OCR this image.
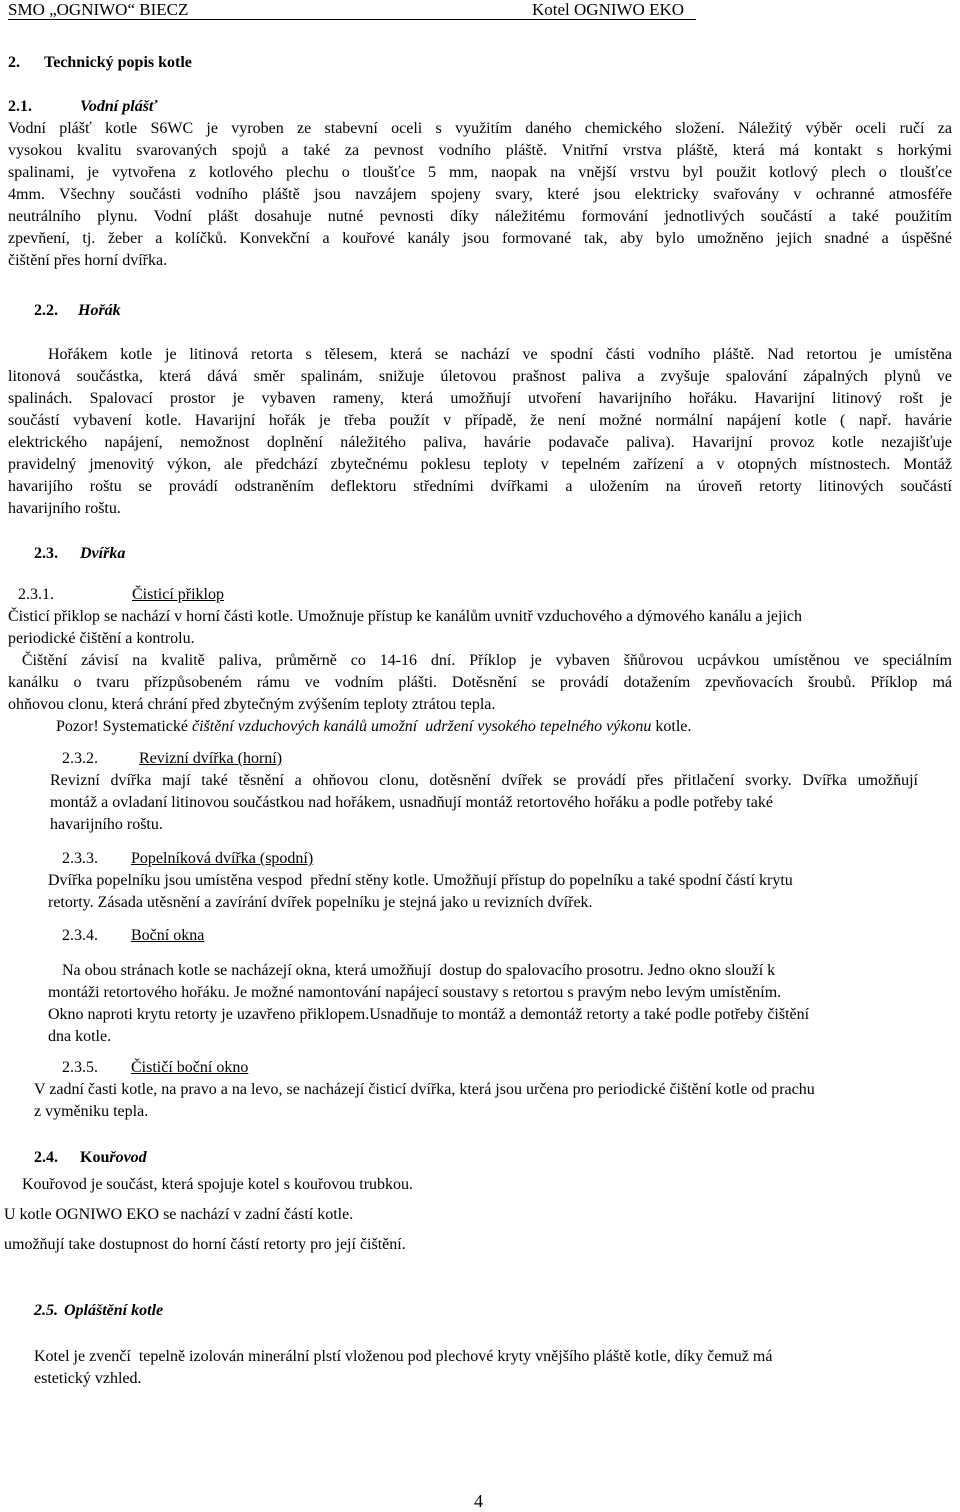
SMO „OGNIWO“ BIECZ	Kotel OGNIWO EKO
2. Technický popis kotle
2.1.	Vodní plášť
Vodní plášť kotle S6WC je vyroben ze stabevní oceli s využitím daného chemického složení. Náležitý výběr oceli ručí za
vysokou kvalitu svarovaných spojů a také za pevnost vodního pláště. Vnitřní vrstva pláště, která má kontakt s horkými
spalinami, je vytvořena z kotlového plechu o tloušťce 5 mm, naopak na vnější vrstvu byl použit kotlový plech o tloušťce
4mm. Všechny součásti vodního pláště jsou navzájem spojeny svary, které jsou elektricky svařovány v ochranné atmosféře
neutrálního plynu. Vodní plášt dosahuje nutné pevnosti díky náležitému formování jednotlivých součástí a také použitím
zpevňení, tj. žeber a kolíčků. Konvekční a kouřové kanály jsou formované tak, aby bylo umožněno jejich snadné a úspěšné
čištění přes horní dvířka.
2.2. Hořák
Hořákem kotle je litinová retorta s tělesem, která se nachází ve spodní části vodního pláště. Nad retortou je umístěna
litonová součástka, která dává směr spalinám, snižuje úletovou prašnost paliva a zvyšuje spalování zápalných plynů ve
spalinách. Spalovací prostor je vybaven rameny, která umožňují utvoření havarijního hořáku. Havarijní litinový rošt je
součástí vybavení kotle. Havarijní hořák je třeba použít v případě, že není možné normální napájení kotle ( např. havárie
elektrického napájení, nemožnost doplnění náležitého paliva, havárie podavače paliva). Havarijní provoz kotle nezajišťuje
pravidelný jmenovitý výkon, ale předchází zbytečnému poklesu teploty v tepelném zařízení a v otopných místnostech. Montáž
havarijího roštu se provádí odstraněním deflektoru středními dvířkami a uložením na úroveň retorty litinových součástí
havarijního roštu.
2.3. Dvířka
2.3.1.	Čisticí přiklop
Čisticí přiklop se nachází v horní části kotle. Umožnuje přístup ke kanálům uvnitř vzduchového a dýmového kanálu a jejich
periodické čištění a kontrolu.
Čištění závisí na kvalitě paliva, průměrně co 14-16 dní. Příklop je vybaven šňůrovou ucpávkou umístěnou ve speciálním
kanálku o tvaru přízpůsobeném rámu ve vodním plášti. Dotěsnění se provádí dotažením zpevňovacích šroubů. Příklop má
ohňovou clonu, která chrání před zbytečným zvýšením teploty ztrátou tepla.
Pozor! Systematické čištění vzduchových kanálů umožní  udržení vysokého tepelného výkonu kotle.
2.3.2.	Revizní dvířka (horní)
Revizní dvířka mají také těsnění a ohňovou clonu, dotěsnění dvířek se provádí přes přitlačení svorky. Dvířka umožňují
montáž a ovladaní litinovou součástkou nad hořákem, usnadňují montáž retortového hořáku a podle potřeby také
havarijního roštu.
2.3.3. Popelníková dvířka (spodní)
Dvířka popelníku jsou umístěna vespod  přední stěny kotle. Umožňují přístup do popelníku a také spodní částí krytu
retorty. Zásada utěsnění a zavírání dvířek popelníku je stejná jako u revizních dvířek.
2.3.4. Boční okna
Na obou stránach kotle se nacházejí okna, která umožňují  dostup do spalovacího prosotru. Jedno okno slouží k
montáži retortového hořáku. Je možné namontování napájecí soustavy s retortou s pravým nebo levým umístěním.
Okno naproti krytu retorty je uzavřeno přiklopem.Usnadňuje to montáž a demontáž retorty a také podle potřeby čištění
dna kotle.
2.3.5. Čističí boční okno
V zadní časti kotle, na pravo a na levo, se nacházejí čisticí dvířka, která jsou určena pro periodické čištění kotle od prachu
z vyměniku tepla.
2.4. Kouřovod
Kouřovod je součást, která spojuje kotel s kouřovou trubkou.
U kotle OGNIWO EKO se nachází v zadní částí kotle.
umožňují take dostupnost do horní částí retorty pro její čištění.
2.5. Opláštění kotle
Kotel je zvenčí  tepelně izolován minerální plstí vloženou pod plechové kryty vnějšího pláště kotle, díky čemuž má
estetický vzhled.
4
